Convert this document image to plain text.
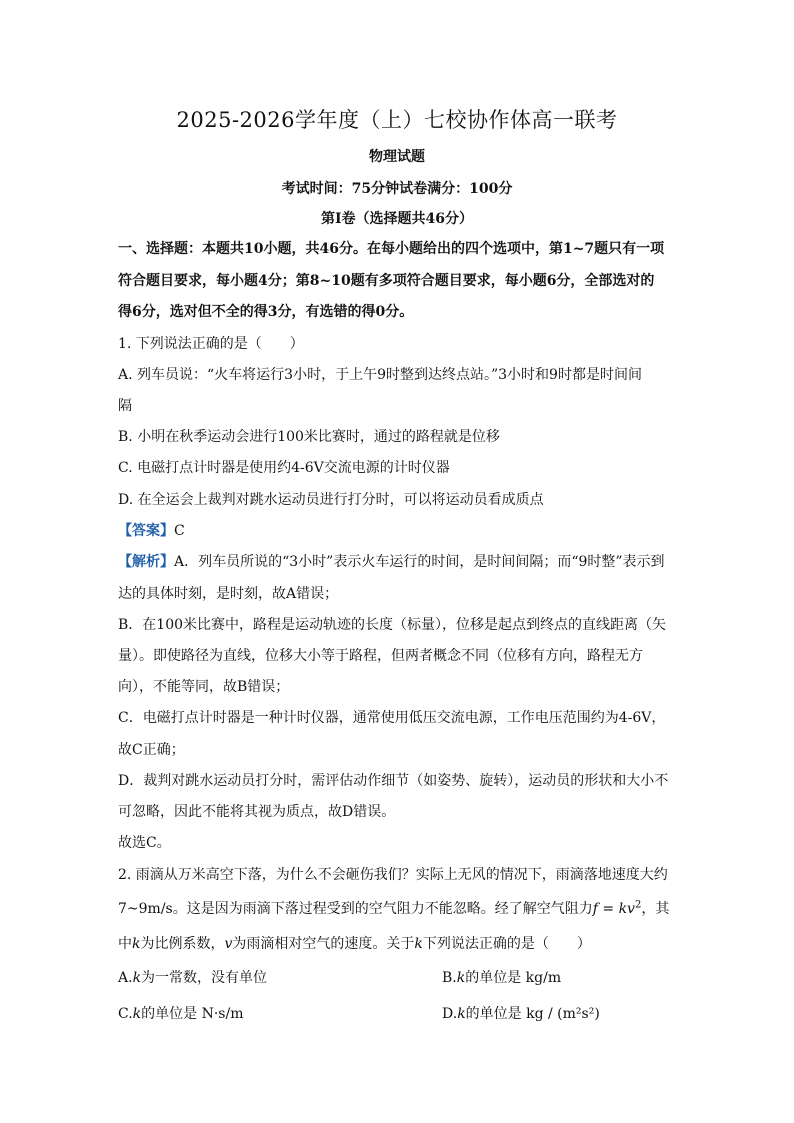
2025-2026学年度（上）七校协作体高一联考
物理试题
考试时间：75分钟试卷满分：100分
第Ⅰ卷（选择题共46分）
一、选择题：本题共10小题，共46分。在每小题给出的四个选项中，第1~7题只有一项
符合题目要求，每小题4分；第8~10题有多项符合题目要求，每小题6分，全部选对的
得6分，选对但不全的得3分，有选错的得0分。
1. 下列说法正确的是（　　）
A. 列车员说：“火车将运行3小时，于上午9时整到达终点站。”3小时和9时都是时间间
隔
B. 小明在秋季运动会进行100米比赛时，通过的路程就是位移
C. 电磁打点计时器是使用约4-6V交流电源的计时仪器
D. 在全运会上裁判对跳水运动员进行打分时，可以将运动员看成质点
【答案】C
【解析】A．列车员所说的“3小时”表示火车运行的时间，是时间间隔；而“9时整”表示到
达的具体时刻，是时刻，故A错误；
B．在100米比赛中，路程是运动轨迹的长度（标量），位移是起点到终点的直线距离（矢
量）。即使路径为直线，位移大小等于路程，但两者概念不同（位移有方向，路程无方
向），不能等同，故B错误；
C．电磁打点计时器是一种计时仪器，通常使用低压交流电源，工作电压范围约为4-6V，
故C正确；
D．裁判对跳水运动员打分时，需评估动作细节（如姿势、旋转），运动员的形状和大小不
可忽略，因此不能将其视为质点，故D错误。
故选C。
2. 雨滴从万米高空下落，为什么不会砸伤我们？实际上无风的情况下，雨滴落地速度大约
7~9m/s。这是因为雨滴下落过程受到的空气阻力不能忽略。经了解空气阻力$f = kv^2$，其
中k为比例系数，v为雨滴相对空气的速度。关于k下列说法正确的是（　　）
A.k为一常数，没有单位	B.k的单位是 kg/m
C.k的单位是 N·s/m	D.k的单位是 kg / (m²s²)
